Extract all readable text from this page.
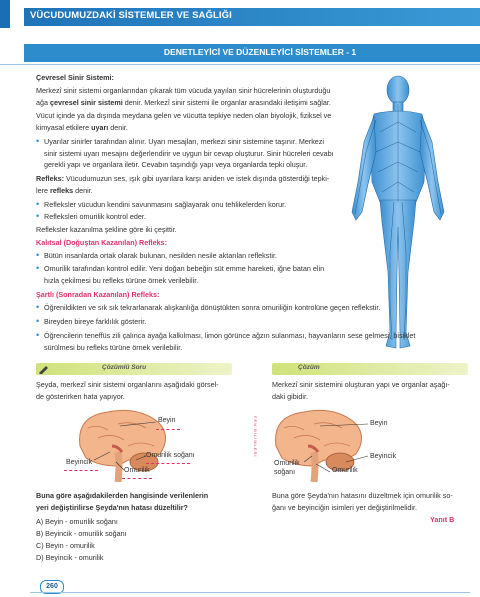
VÜCUDUMUZDAKİ SİSTEMLER VE SAĞLIĞI
DENETLEYİCİ VE DÜZENLEYİCİ SİSTEMLER - 1
Çevresel Sinir Sistemi:
Merkezî sinir sistemi organlarından çıkarak tüm vücuda yayılan sinir hücrelerinin oluşturduğu
ağa çevresel sinir sistemi denir. Merkezî sinir sistemi ile organlar arasındaki iletişimi sağlar.
Vücut içinde ya da dışında meydana gelen ve vücutta tepkiye neden olan biyolojik, fiziksel ve
kimyasal etkilere uyarı denir.
• Uyarılar sinirler tarafından alınır. Uyarı mesajları, merkezi sinir sistemine taşınır. Merkezi
sinir sistemi uyarı mesajını değerlendirir ve uygun bir cevap oluşturur. Sinir hücreleri cevabı
gerekli yapı ve organlara iletir. Cevabın taşındığı yapı veya organlarda tepki oluşur.
Refleks: Vücudumuzun ses, ışık gibi uyarılara karşı aniden ve istek dışında gösterdiği tepki-
lere refleks denir.
• Refleksler vücudun kendini savunmasını sağlayarak onu tehlikelerden korur.
• Refleksleri omurilik kontrol eder.
Refleksler kazanılma şekline göre iki çeşittir.
Kalıtsal (Doğuştan Kazanılan) Refleks:
• Bütün insanlarda ortak olarak bulunan, nesilden nesile aktarılan reflekstir.
• Omurilik tarafından kontrol edilir. Yeni doğan bebeğin süt emme hareketi, iğne batan elin
hızla çekilmesi bu refleks türüne örnek verilebilir.
Şartlı (Sonradan Kazanılan) Refleks:
• Öğrenildikten ve sık sık tekrarlanarak alışkanlığa dönüştükten sonra omuriliğin kontrolüne geçen reflekstir.
• Bireyden bireye farklılık gösterir.
• Öğrencilerin teneffüs zili çalınca ayağa kalkılması, limon görünce ağzın sulanması, hayvanların sese gelmesi, bisiklet
sürülmesi bu refleks türüne örnek verilebilir.
Çözümlü Soru
Şeyda, merkezî sinir sistemi organlarını aşağıdaki görsel-
de gösterirken hata yapıyor.
Beyin
Omurilik soğanı
Beyincik
Omurilik
Buna göre aşağıdakilerden hangisinde verilenlerin
yeri değiştirilirse Şeyda'nın hatası düzeltilir?
A) Beyin - omurilik soğanı
B) Beyincik - omurilik soğanı
C) Beyin - omurilik
D) Beyincik - omurilik
FEN BİLİMLERİ
Çözüm
Merkezî sinir sistemini oluşturan yapı ve organlar aşağı-
daki gibidir.
Beyin
Beyincik
Omurilik
soğanı	Omurilik
Buna göre Şeyda'nın hatasını düzeltmek için omurilik so-
ğanı ve beyinciğin isimleri yer değiştirilmelidir.
Yanıt B
260
